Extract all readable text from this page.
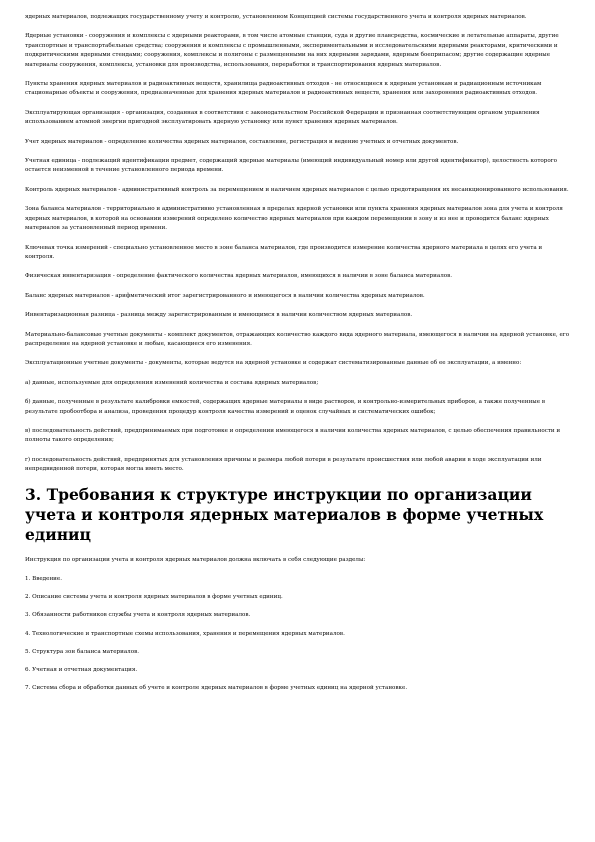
ядерных материалов, подлежащих государственному учету и контролю, установленном Концепцией системы государственного учета и контроля ядерных материалов.

Ядерные установки - сооружения и комплексы с ядерными реакторами, в том числе атомные станции, суда и другие плавсредства, космические и летательные аппараты, другие транспортные и транспортабельные средства; сооружения и комплексы с промышленными, экспериментальными и исследовательскими ядерными реакторами, критическими и подкритическими ядерными стендами; сооружения, комплексы и полигоны с размещенными на них ядерными зарядами, ядерным боеприпасом; другие содержащие ядерные материалы сооружения, комплексы, установки для производства, использования, переработки и транспортирования ядерных материалов.

Пункты хранения ядерных материалов и радиоактивных веществ, хранилища радиоактивных отходов - не относящиеся к ядерным установкам и радиационным источникам стационарные объекты и сооружения, предназначенные для хранения ядерных материалов и радиоактивных веществ, хранения или захоронения радиоактивных отходов.

Эксплуатирующая организация - организация, созданная в соответствии с законодательством Российской Федерации и признанная соответствующим органом управления использованием атомной энергии пригодной эксплуатировать ядерную установку или пункт хранения ядерных материалов.

Учет ядерных материалов - определение количества ядерных материалов, составление, регистрация и ведение учетных и отчетных документов.

Учетная единица - подлежащий идентификации предмет, содержащий ядерные материалы (имеющий индивидуальный номер или другой идентификатор), целостность которого остается неизменной в течение установленного периода времени.

Контроль ядерных материалов - административный контроль за перемещением и наличием ядерных материалов с целью предотвращения их несанкционированного использования.

Зона баланса материалов - территориально и административно установленная в пределах ядерной установки или пункта хранения ядерных материалов зона для учета и контроля ядерных материалов, в которой на основании измерений определено количество ядерных материалов при каждом перемещении в зону и из нее и проводится баланс ядерных материалов за установленный период времени.

Ключевая точка измерений - специально установленное место в зоне баланса материалов, где производится измерение количества ядерного материала в целях его учета и контроля.

Физическая инвентаризация - определение фактического количества ядерных материалов, имеющихся в наличии в зоне баланса материалов.

Баланс ядерных материалов - арифметический итог зарегистрированного и имеющегося в наличии количества ядерных материалов.

Инвентаризационная разница - разница между зарегистрированным и имеющимся в наличии количеством ядерных материалов.

Материально-балансовые учетные документы - комплект документов, отражающих количество каждого вида ядерного материала, имеющегося в наличии на ядерной установке, его распределение на ядерной установке и любые, касающиеся его изменения.

Эксплуатационные учетные документы - документы, которые ведутся на ядерной установке и содержат систематизированные данные об ее эксплуатации, а именно:

а) данные, используемые для определения изменений количества и состава ядерных материалов;

б) данные, полученные в результате калибровки емкостей, содержащих ядерные материалы в виде растворов, и контрольно-измерительных приборов, а также полученные в результате пробоотбора и анализа, проведения процедур контроля качества измерений и оценок случайных и систематических ошибок;

в) последовательность действий, предпринимаемых при подготовке и определении имеющегося в наличии количества ядерных материалов, с целью обеспечения правильности и полноты такого определения;

г) последовательность действий, предпринятых для установления причины и размера любой потери в результате происшествия или любой аварии в ходе эксплуатации или непредвиденной потери, которая могла иметь место.

3. Требования к структуре инструкции по организации учета и контроля ядерных материалов в форме учетных единиц

Инструкция по организации учета и контроля ядерных материалов должна включать в себя следующие разделы:

1. Введение.
2. Описание системы учета и контроля ядерных материалов в форме учетных единиц.
3. Обязанности работников службы учета и контроля ядерных материалов.
4. Технологические и транспортные схемы использования, хранения и перемещения ядерных материалов.
5. Структура зон баланса материалов.
6. Учетная и отчетная документация.
7. Система сбора и обработки данных об учете и контроле ядерных материалов в форме учетных единиц на ядерной установке.
